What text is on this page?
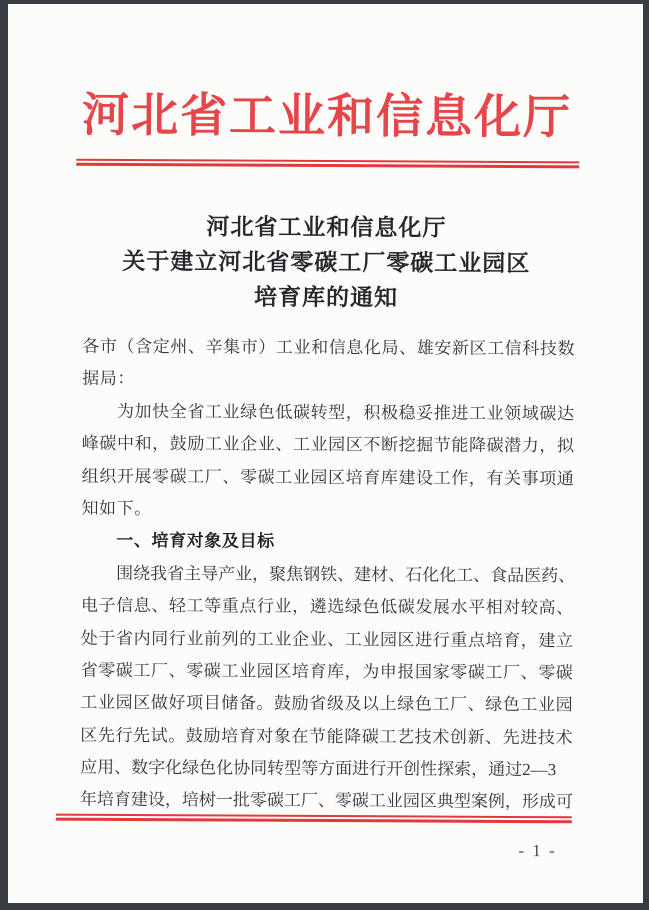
河北省工业和信息化厅
河北省工业和信息化厅
关于建立河北省零碳工厂零碳工业园区
培育库的通知
各市（含定州、辛集市）工业和信息化局、雄安新区工信科技数
据局：
为加快全省工业绿色低碳转型，积极稳妥推进工业领域碳达
峰碳中和，鼓励工业企业、工业园区不断挖掘节能降碳潜力，拟
组织开展零碳工厂、零碳工业园区培育库建设工作，有关事项通
知如下。
一、培育对象及目标
围绕我省主导产业，聚焦钢铁、建材、石化化工、食品医药、
电子信息、轻工等重点行业，遴选绿色低碳发展水平相对较高、
处于省内同行业前列的工业企业、工业园区进行重点培育，建立
省零碳工厂、零碳工业园区培育库，为申报国家零碳工厂、零碳
工业园区做好项目储备。鼓励省级及以上绿色工厂、绿色工业园
区先行先试。鼓励培育对象在节能降碳工艺技术创新、先进技术
应用、数字化绿色化协同转型等方面进行开创性探索，通过2—3
年培育建设，培树一批零碳工厂、零碳工业园区典型案例，形成可
- 1 -
